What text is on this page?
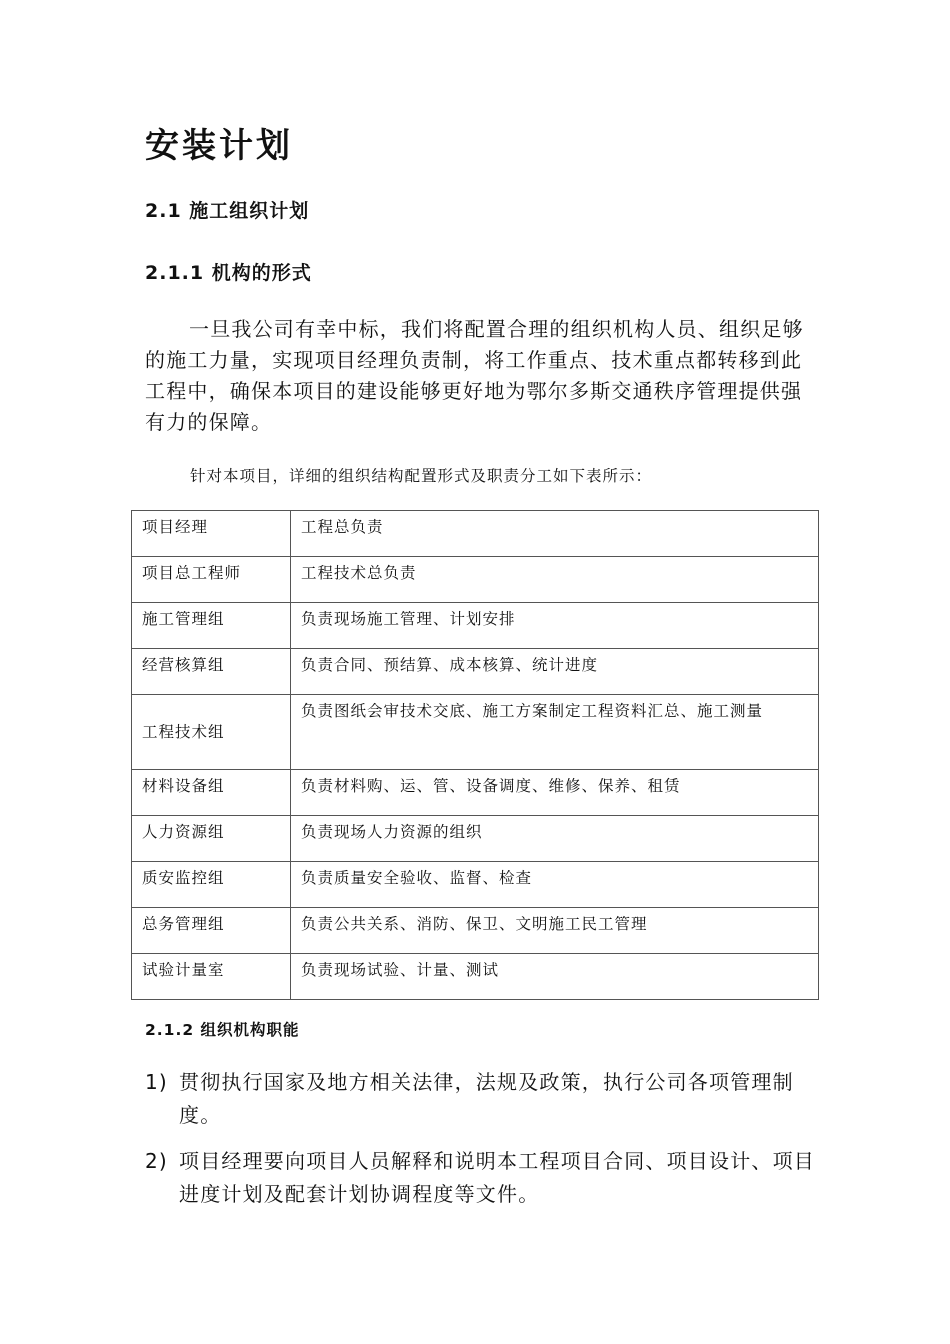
安装计划
2.1 施工组织计划
2.1.1 机构的形式

一旦我公司有幸中标，我们将配置合理的组织机构人员、组织足够的施工力量，实现项目经理负责制，将工作重点、技术重点都转移到此工程中，确保本项目的建设能够更好地为鄂尔多斯交通秩序管理提供强有力的保障。

针对本项目，详细的组织结构配置形式及职责分工如下表所示：

项目经理	工程总负责
项目总工程师	工程技术总负责
施工管理组	负责现场施工管理、计划安排
经营核算组	负责合同、预结算、成本核算、统计进度
工程技术组	负责图纸会审技术交底、施工方案制定工程资料汇总、施工测量
材料设备组	负责材料购、运、管、设备调度、维修、保养、租赁
人力资源组	负责现场人力资源的组织
质安监控组	负责质量安全验收、监督、检查
总务管理组	负责公共关系、消防、保卫、文明施工民工管理
试验计量室	负责现场试验、计量、测试
2.1.2 组织机构职能
1) 贯彻执行国家及地方相关法律，法规及政策，执行公司各项管理制度。
2) 项目经理要向项目人员解释和说明本工程项目合同、项目设计、项目进度计划及配套计划协调程度等文件。
